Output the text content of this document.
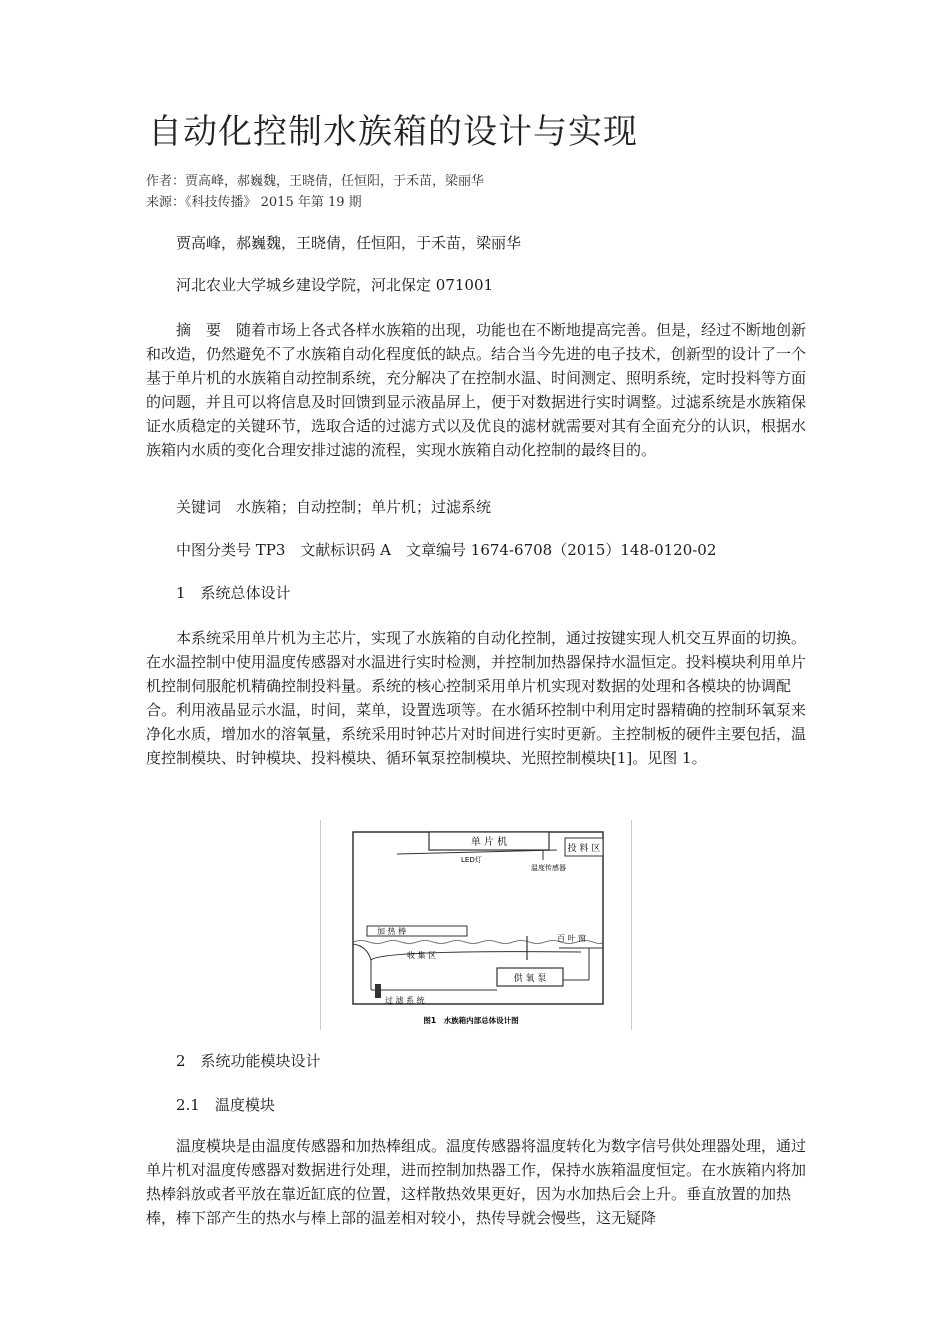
自动化控制水族箱的设计与实现
作者：贾高峰，郝巍魏，王晓倩，任恒阳，于禾苗，梁丽华
来源：《科技传播》 2015 年第 19 期

贾高峰，郝巍魏，王晓倩，任恒阳，于禾苗，梁丽华

河北农业大学城乡建设学院，河北保定 071001

摘　要　随着市场上各式各样水族箱的出现，功能也在不断地提高完善。但是，经过不断地创新和改造，仍然避免不了水族箱自动化程度低的缺点。结合当今先进的电子技术，创新型的设计了一个基于单片机的水族箱自动控制系统，充分解决了在控制水温、时间测定、照明系统，定时投料等方面的问题，并且可以将信息及时回馈到显示液晶屏上，便于对数据进行实时调整。过滤系统是水族箱保证水质稳定的关键环节，选取合适的过滤方式以及优良的滤材就需要对其有全面充分的认识，根据水族箱内水质的变化合理安排过滤的流程，实现水族箱自动化控制的最终目的。

关键词　水族箱；自动控制；单片机；过滤系统

中图分类号 TP3　文献标识码 A　文章编号 1674-6708（2015）148-0120-02

1　系统总体设计

本系统采用单片机为主芯片，实现了水族箱的自动化控制，通过按键实现人机交互界面的切换。在水温控制中使用温度传感器对水温进行实时检测，并控制加热器保持水温恒定。投料模块利用单片机控制伺服舵机精确控制投料量。系统的核心控制采用单片机实现对数据的处理和各模块的协调配合。利用液晶显示水温，时间，菜单，设置选项等。在水循环控制中利用定时器精确的控制环氧泵来净化水质，增加水的溶氧量，系统采用时钟芯片对时间进行实时更新。主控制板的硬件主要包括，温度控制模块、时钟模块、投料模块、循环氧泵控制模块、光照控制模块[1]。见图 1。

单 片 机
投 料 区
LED灯
温度传感器
加 热 棒
百 叶 窗
收 集 区
供 氧 泵
过 滤 系 统
图1　水族箱内部总体设计图

2　系统功能模块设计

2.1　温度模块

温度模块是由温度传感器和加热棒组成。温度传感器将温度转化为数字信号供处理器处理，通过单片机对温度传感器对数据进行处理，进而控制加热器工作，保持水族箱温度恒定。在水族箱内将加热棒斜放或者平放在靠近缸底的位置，这样散热效果更好，因为水加热后会上升。垂直放置的加热棒，棒下部产生的热水与棒上部的温差相对较小，热传导就会慢些，这无疑降
